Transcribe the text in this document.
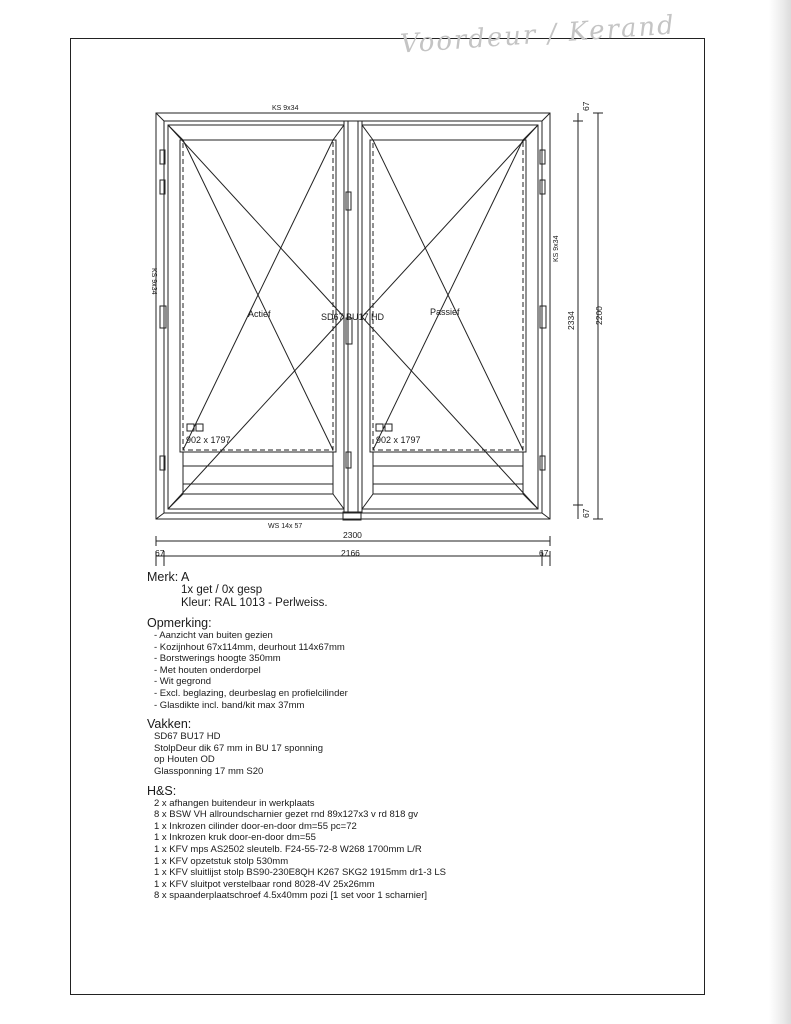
Voordeur / Kerand
KS 9x34
KS 9x34
KS 9x34
WS 14x 57
Actief	Passief
SD67 BU17 HD
902 x 1797	902 x 1797
2300
2166
67	67
67
67
2334 2200
Merk: A
1x get / 0x gesp
Kleur: RAL 1013 - Perlweiss.
Opmerking:
- Aanzicht van buiten gezien
- Kozijnhout 67x114mm, deurhout 114x67mm
- Borstwerings hoogte 350mm
- Met houten onderdorpel
- Wit gegrond
- Excl. beglazing, deurbeslag en profielcilinder
- Glasdikte incl. band/kit max 37mm
Vakken:
SD67 BU17 HD
StolpDeur dik 67 mm in BU 17 sponning
op Houten OD
Glassponning 17 mm S20
H&S:
2 x afhangen buitendeur in werkplaats
8 x BSW VH allroundscharnier gezet rnd 89x127x3 v rd 818 gv
1 x Inkrozen cilinder door-en-door dm=55 pc=72
1 x Inkrozen kruk door-en-door dm=55
1 x KFV mps AS2502 sleutelb. F24-55-72-8 W268 1700mm L/R
1 x KFV opzetstuk stolp 530mm
1 x KFV sluitlijst stolp BS90-230E8QH K267 SKG2 1915mm dr1-3 LS
1 x KFV sluitpot verstelbaar rond 8028-4V 25x26mm
8 x spaanderplaatschroef 4.5x40mm pozi [1 set voor 1 scharnier]
